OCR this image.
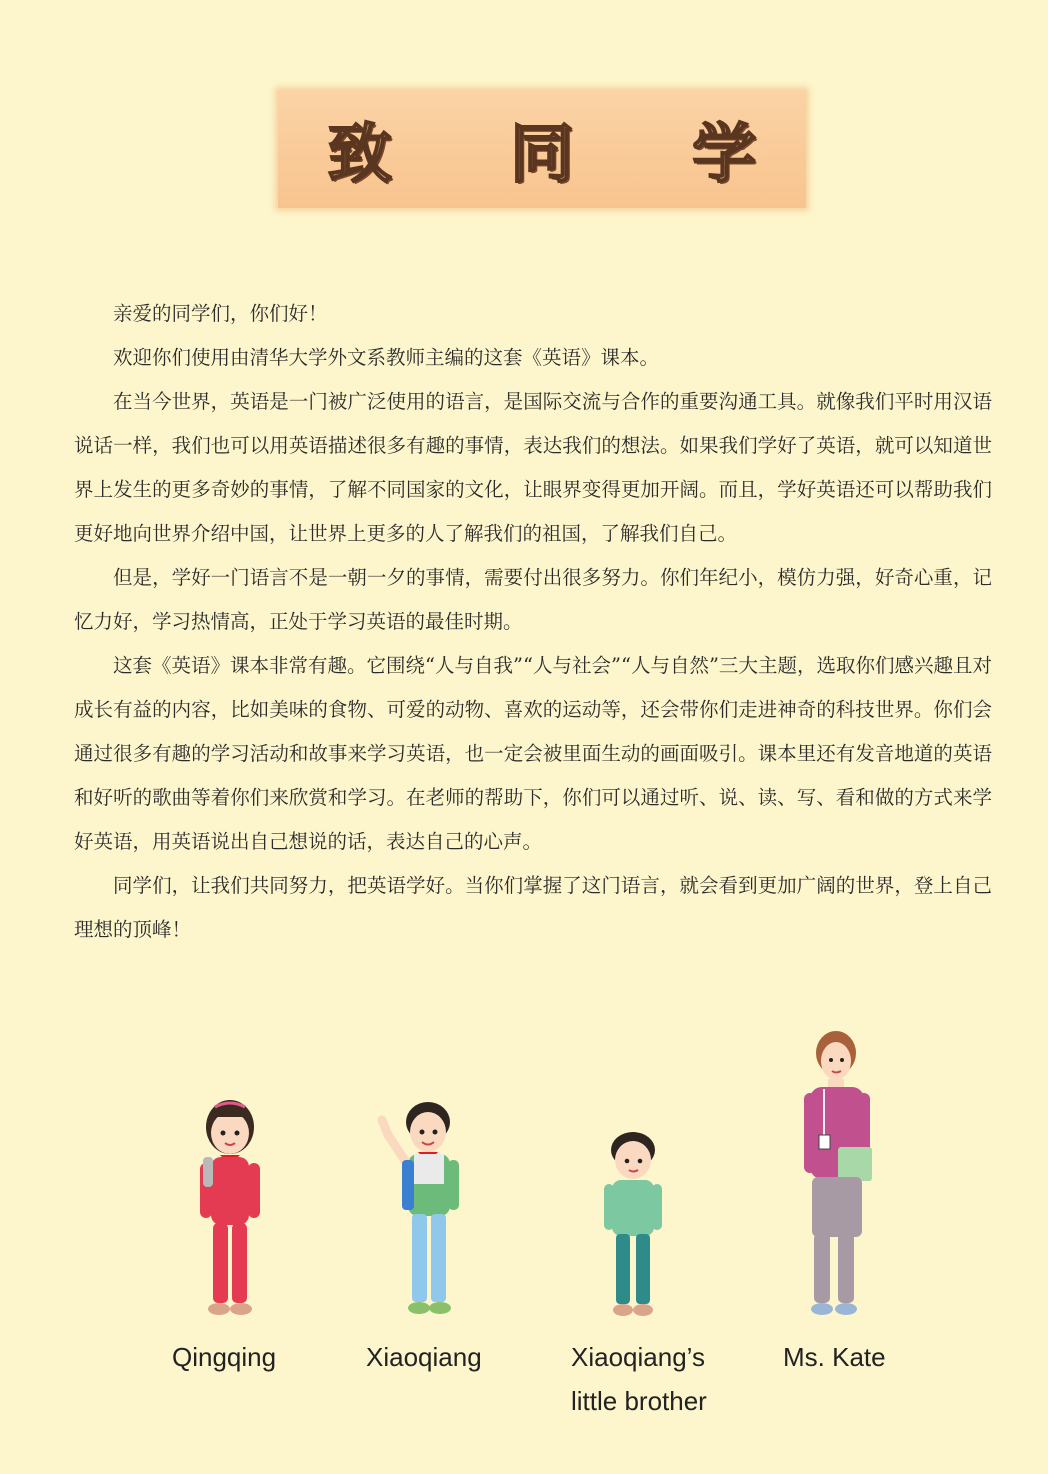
致 同 学

亲爱的同学们，你们好！

欢迎你们使用由清华大学外文系教师主编的这套《英语》课本。

在当今世界，英语是一门被广泛使用的语言，是国际交流与合作的重要沟通工具。就像我们平时用汉语说话一样，我们也可以用英语描述很多有趣的事情，表达我们的想法。如果我们学好了英语，就可以知道世界上发生的更多奇妙的事情，了解不同国家的文化，让眼界变得更加开阔。而且，学好英语还可以帮助我们更好地向世界介绍中国，让世界上更多的人了解我们的祖国，了解我们自己。

但是，学好一门语言不是一朝一夕的事情，需要付出很多努力。你们年纪小，模仿力强，好奇心重，记忆力好，学习热情高，正处于学习英语的最佳时期。

这套《英语》课本非常有趣。它围绕“人与自我”“人与社会”“人与自然”三大主题，选取你们感兴趣且对成长有益的内容，比如美味的食物、可爱的动物、喜欢的运动等，还会带你们走进神奇的科技世界。你们会通过很多有趣的学习活动和故事来学习英语，也一定会被里面生动的画面吸引。课本里还有发音地道的英语和好听的歌曲等着你们来欣赏和学习。在老师的帮助下，你们可以通过听、说、读、写、看和做的方式来学好英语，用英语说出自己想说的话，表达自己的心声。

同学们，让我们共同努力，把英语学好。当你们掌握了这门语言，就会看到更加广阔的世界，登上自己理想的顶峰！

Qingqing	Xiaoqiang	Xiaoqiang’s
little brother
Ms. Kate
